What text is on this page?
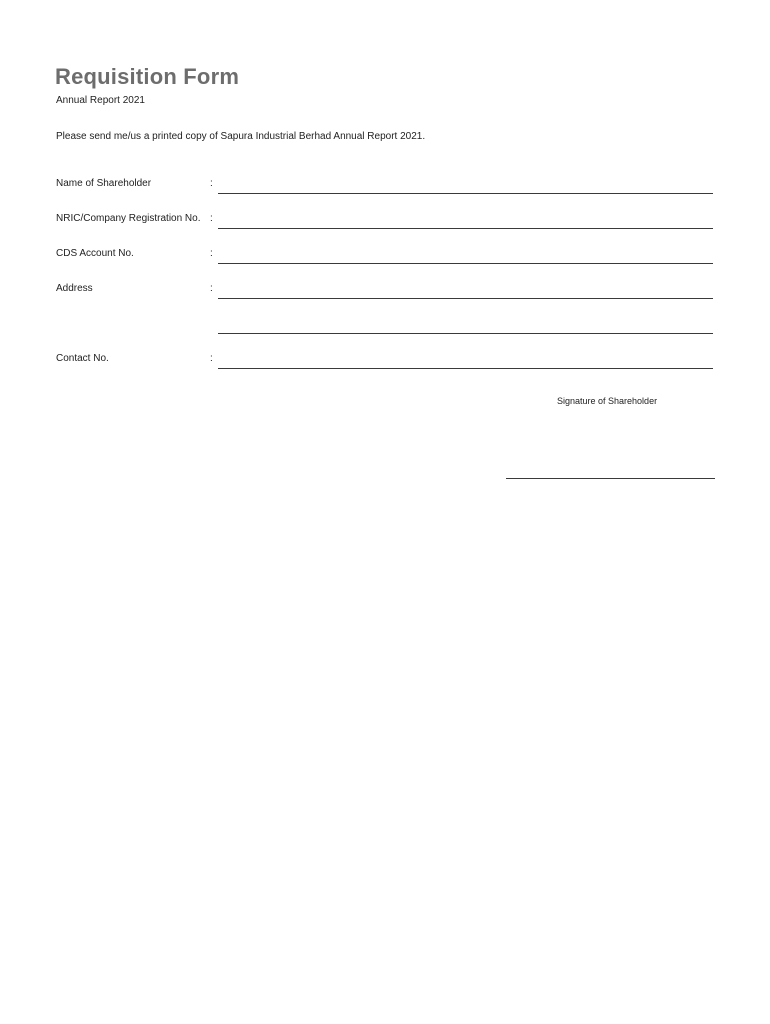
Requisition Form
Annual Report 2021
Please send me/us a printed copy of Sapura Industrial Berhad Annual Report 2021.
Name of Shareholder	:
NRIC/Company Registration No. :
CDS Account No.	:
Address	:
Contact No.	:
Signature of Shareholder
